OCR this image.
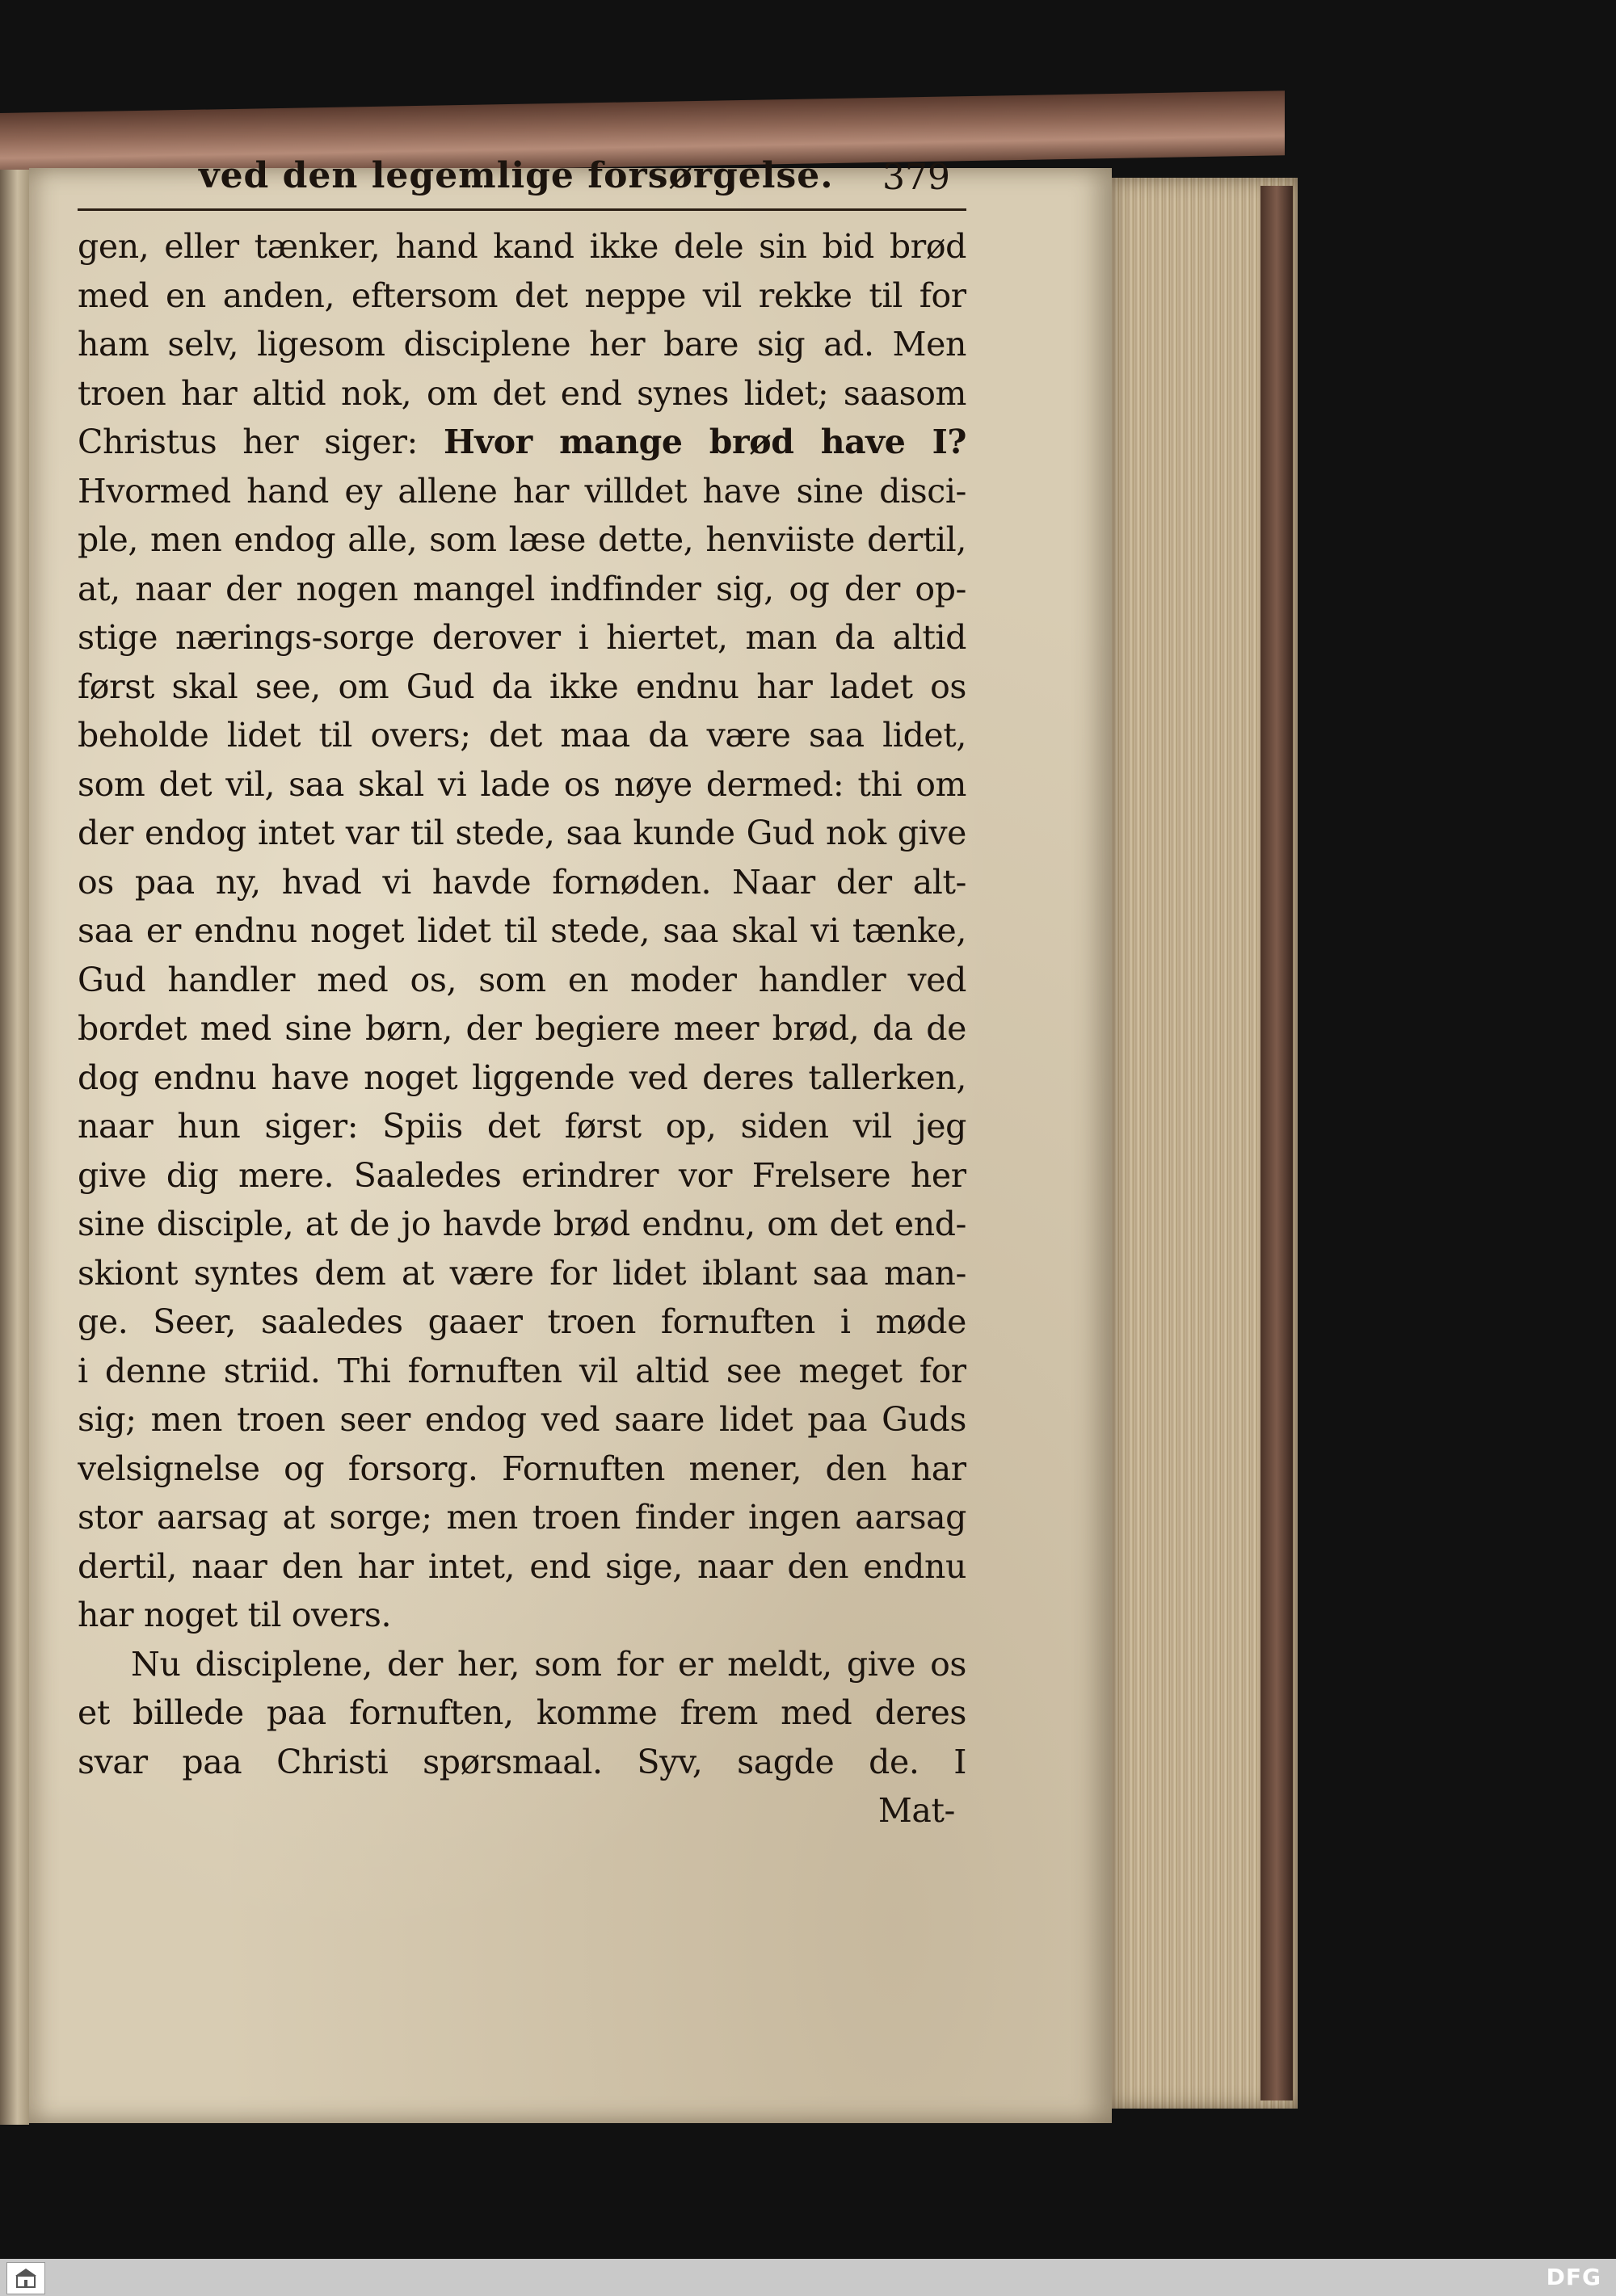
ved den legemlige forsørgelse. 379
gen, eller tænker, hand kand ikke dele sin bid brød
med en anden, eftersom det neppe vil rekke til for
ham selv, ligesom disciplene her bare sig ad. Men
troen har altid nok, om det end synes lidet; saasom
Christus her siger: Hvor mange brød have I?
Hvormed hand ey allene har villdet have sine disci-
ple, men endog alle, som læse dette, henviiste dertil,
at, naar der nogen mangel indfinder sig, og der op-
stige nærings-sorge derover i hiertet, man da altid
først skal see, om Gud da ikke endnu har ladet os
beholde lidet til overs; det maa da være saa lidet,
som det vil, saa skal vi lade os nøye dermed: thi om
der endog intet var til stede, saa kunde Gud nok give
os paa ny, hvad vi havde fornøden. Naar der alt-
saa er endnu noget lidet til stede, saa skal vi tænke,
Gud handler med os, som en moder handler ved
bordet med sine børn, der begiere meer brød, da de
dog endnu have noget liggende ved deres tallerken,
naar hun siger: Spiis det først op, siden vil jeg
give dig mere. Saaledes erindrer vor Frelsere her
sine disciple, at de jo havde brød endnu, om det end-
skiont syntes dem at være for lidet iblant saa man-
ge. Seer, saaledes gaaer troen fornuften i møde
i denne striid. Thi fornuften vil altid see meget for
sig; men troen seer endog ved saare lidet paa Guds
velsignelse og forsorg. Fornuften mener, den har
stor aarsag at sorge; men troen finder ingen aarsag
dertil, naar den har intet, end sige, naar den endnu
har noget til overs.
Nu disciplene, der her, som for er meldt, give os
et billede paa fornuften, komme frem med deres
svar paa Christi spørsmaal. Syv, sagde de. I
Mat-
DFG
